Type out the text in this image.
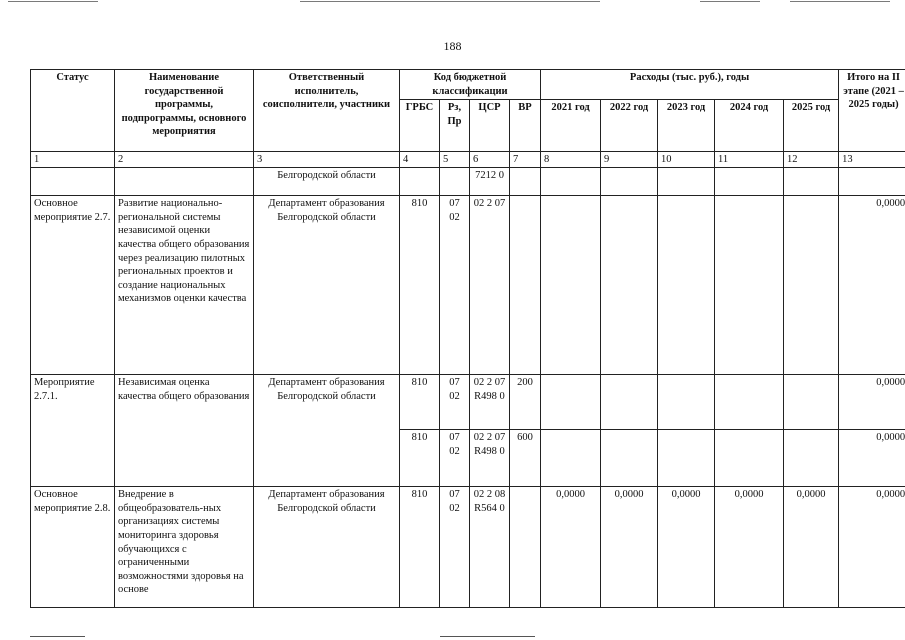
188
Статус	Наименование государственной программы, подпрограммы, основного мероприятия	Ответственный исполнитель, соисполнители, участники	Код бюджетной классификации				Расходы (тыс. руб.), годы					Итого на II этапе (2021 – 2025 годы)
			ГРБС	Рз, Пр	ЦСР	ВР	2021 год	2022 год	2023 год	2024 год	2025 год	
1	2	3	4	5	6	7	8	9	10	11	12	13
		Белгородской области			7212 0							
Основное мероприятие 2.7.	Развитие национально-региональной системы независимой оценки качества общего образования через реализацию пилотных региональных проектов и создание национальных механизмов оценки качества	Департамент образования Белгородской области	810	07 02	02 2 07							0,0000
Мероприятие 2.7.1.	Независимая оценка качества общего образования	Департамент образования Белгородской области	810	07 02	02 2 07 R498 0	200						0,0000
			810	07 02	02 2 07 R498 0	600						0,0000
Основное мероприятие 2.8.	Внедрение в общеобразователь-ных организациях системы мониторинга здоровья обучающихся с ограниченными возможностями здоровья на основе	Департамент образования Белгородской области	810	07 02	02 2 08 R564 0		0,0000	0,0000	0,0000	0,0000	0,0000	0,0000
